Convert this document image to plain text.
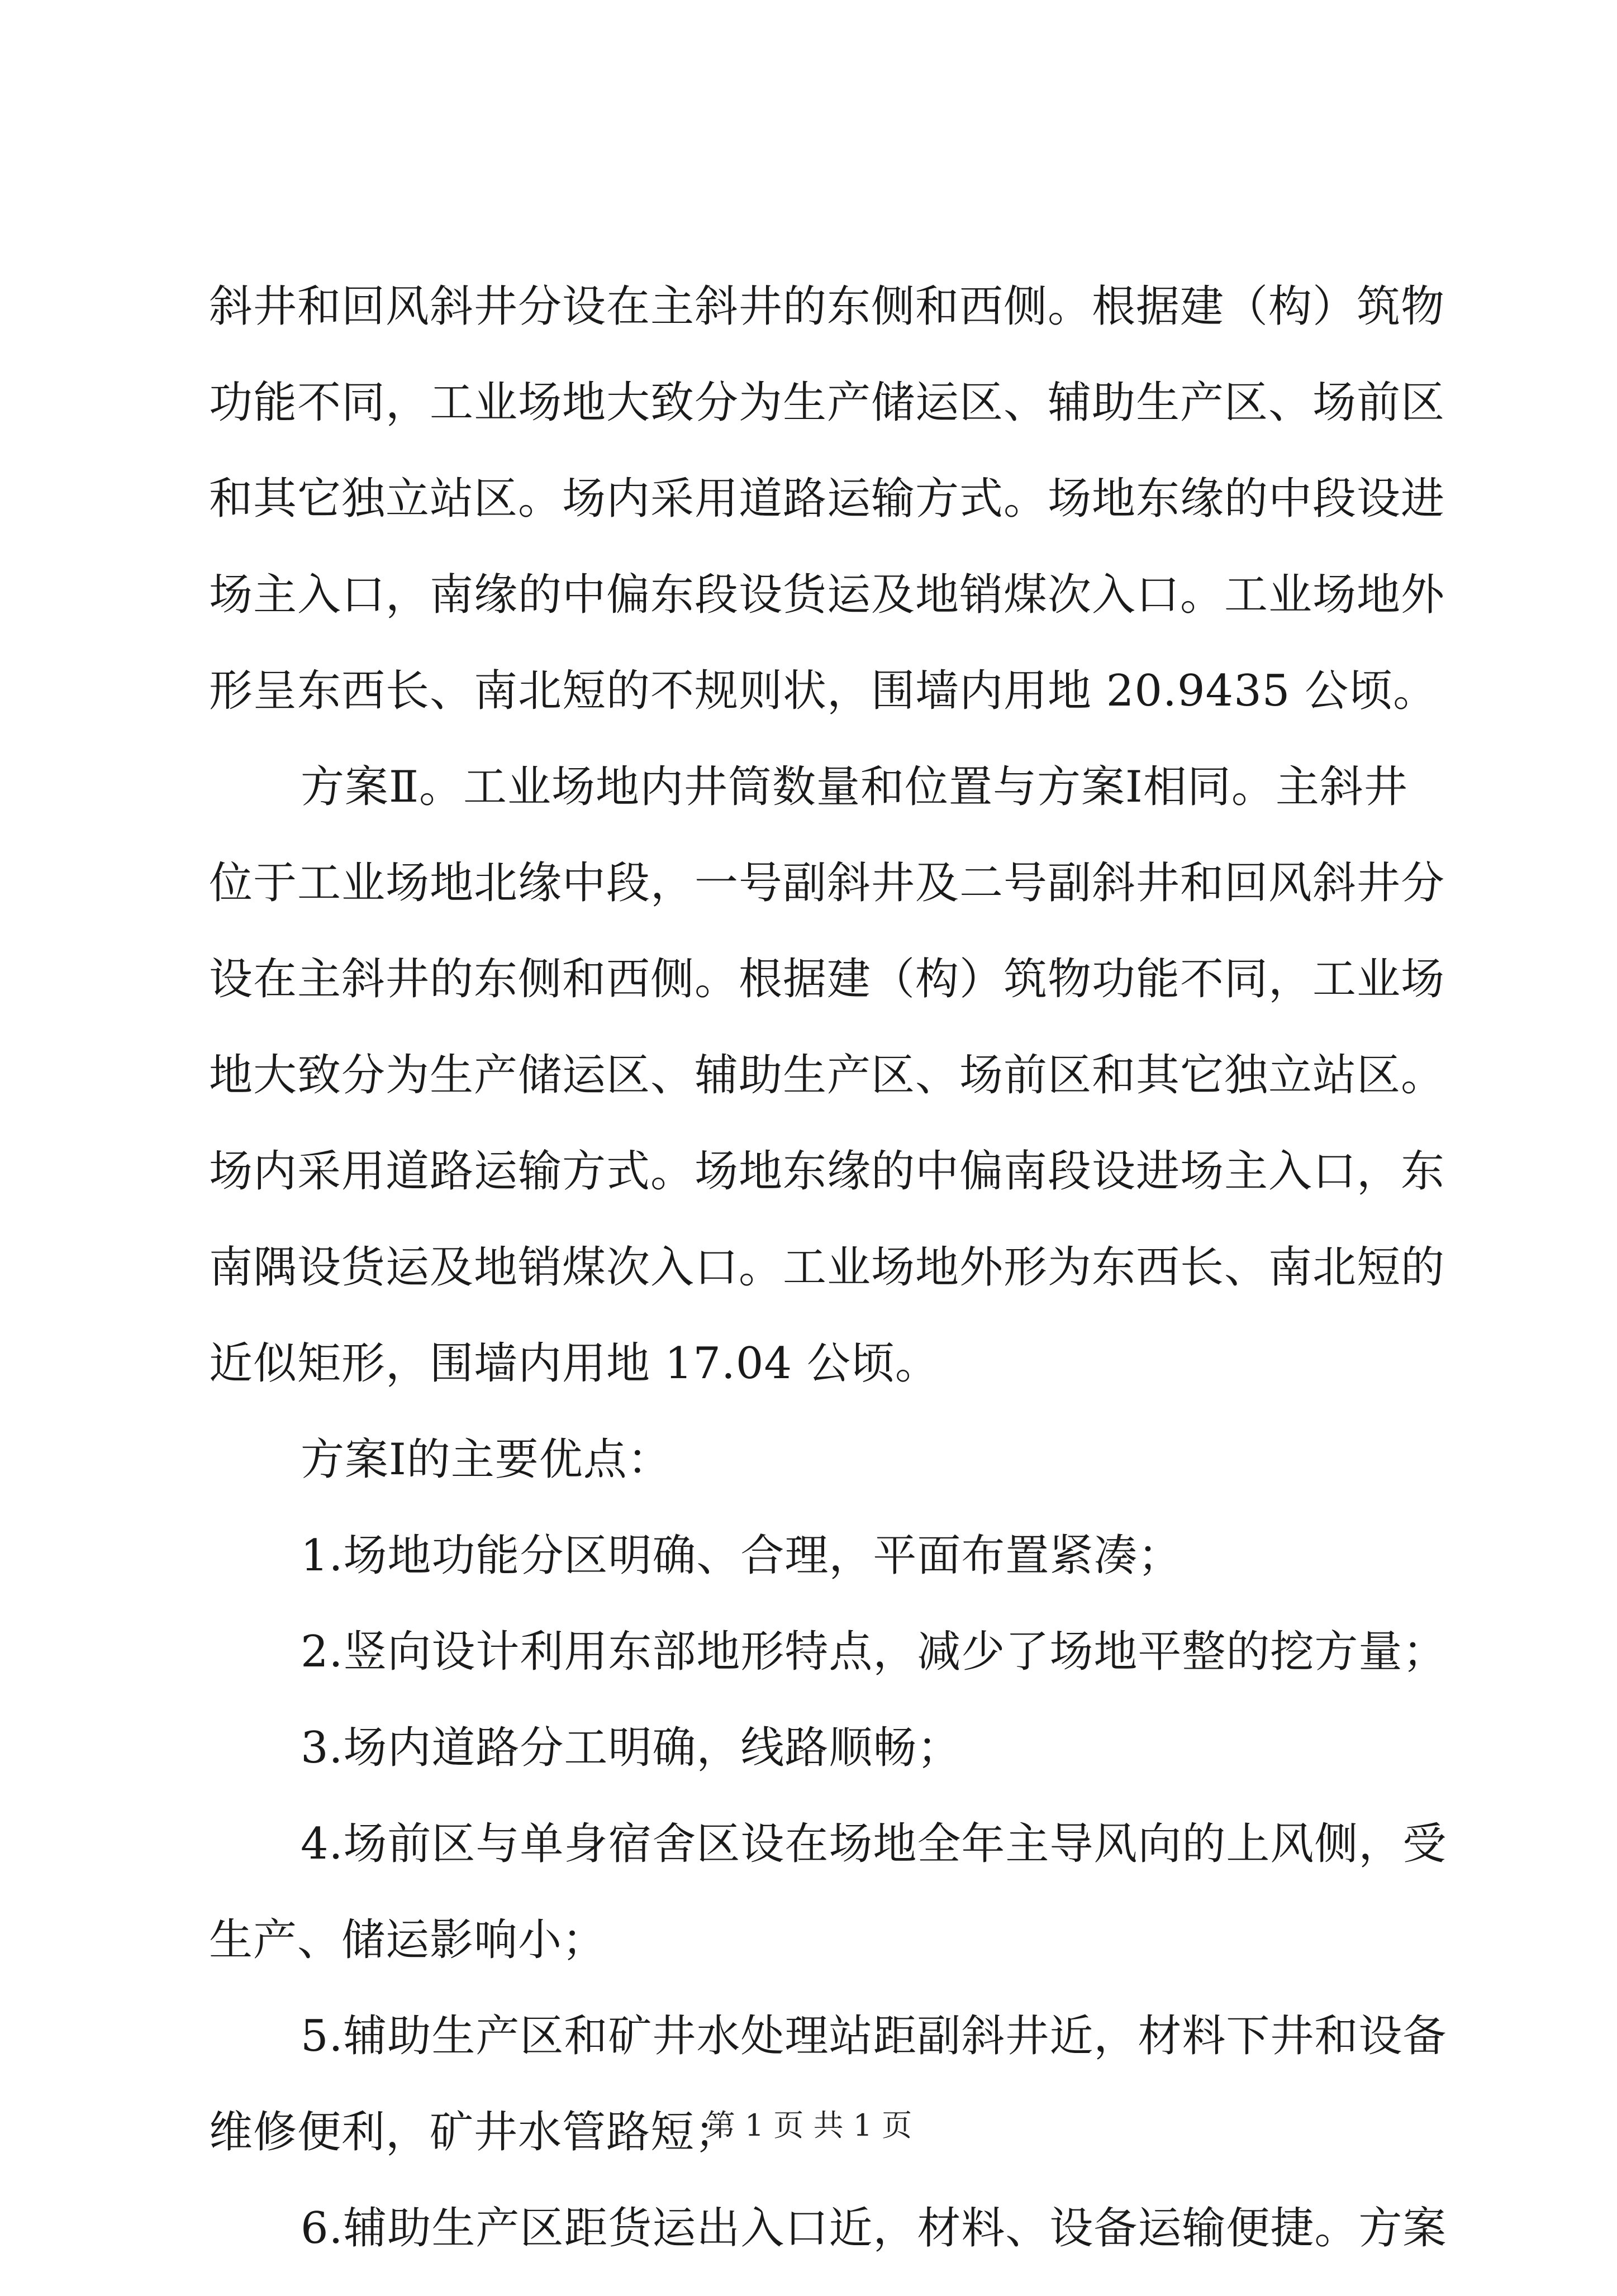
斜井和回风斜井分设在主斜井的东侧和西侧。根据建（构）筑物
功能不同，工业场地大致分为生产储运区、辅助生产区、场前区
和其它独立站区。场内采用道路运输方式。场地东缘的中段设进
场主入口，南缘的中偏东段设货运及地销煤次入口。工业场地外
形呈东西长、南北短的不规则状，围墙内用地 20.9435 公顷。
方案Ⅱ。工业场地内井筒数量和位置与方案Ⅰ相同。主斜井
位于工业场地北缘中段，一号副斜井及二号副斜井和回风斜井分
设在主斜井的东侧和西侧。根据建（构）筑物功能不同，工业场
地大致分为生产储运区、辅助生产区、场前区和其它独立站区。
场内采用道路运输方式。场地东缘的中偏南段设进场主入口，东
南隅设货运及地销煤次入口。工业场地外形为东西长、南北短的
近似矩形，围墙内用地 17.04 公顷。
方案Ⅰ的主要优点：
1.场地功能分区明确、合理，平面布置紧凑；
2.竖向设计利用东部地形特点，减少了场地平整的挖方量；
3.场内道路分工明确，线路顺畅；
4.场前区与单身宿舍区设在场地全年主导风向的上风侧，受
生产、储运影响小；
5.辅助生产区和矿井水处理站距副斜井近，材料下井和设备
维修便利，矿井水管路短；
6.辅助生产区距货运出入口近，材料、设备运输便捷。方案
第 1 页 共 1 页
